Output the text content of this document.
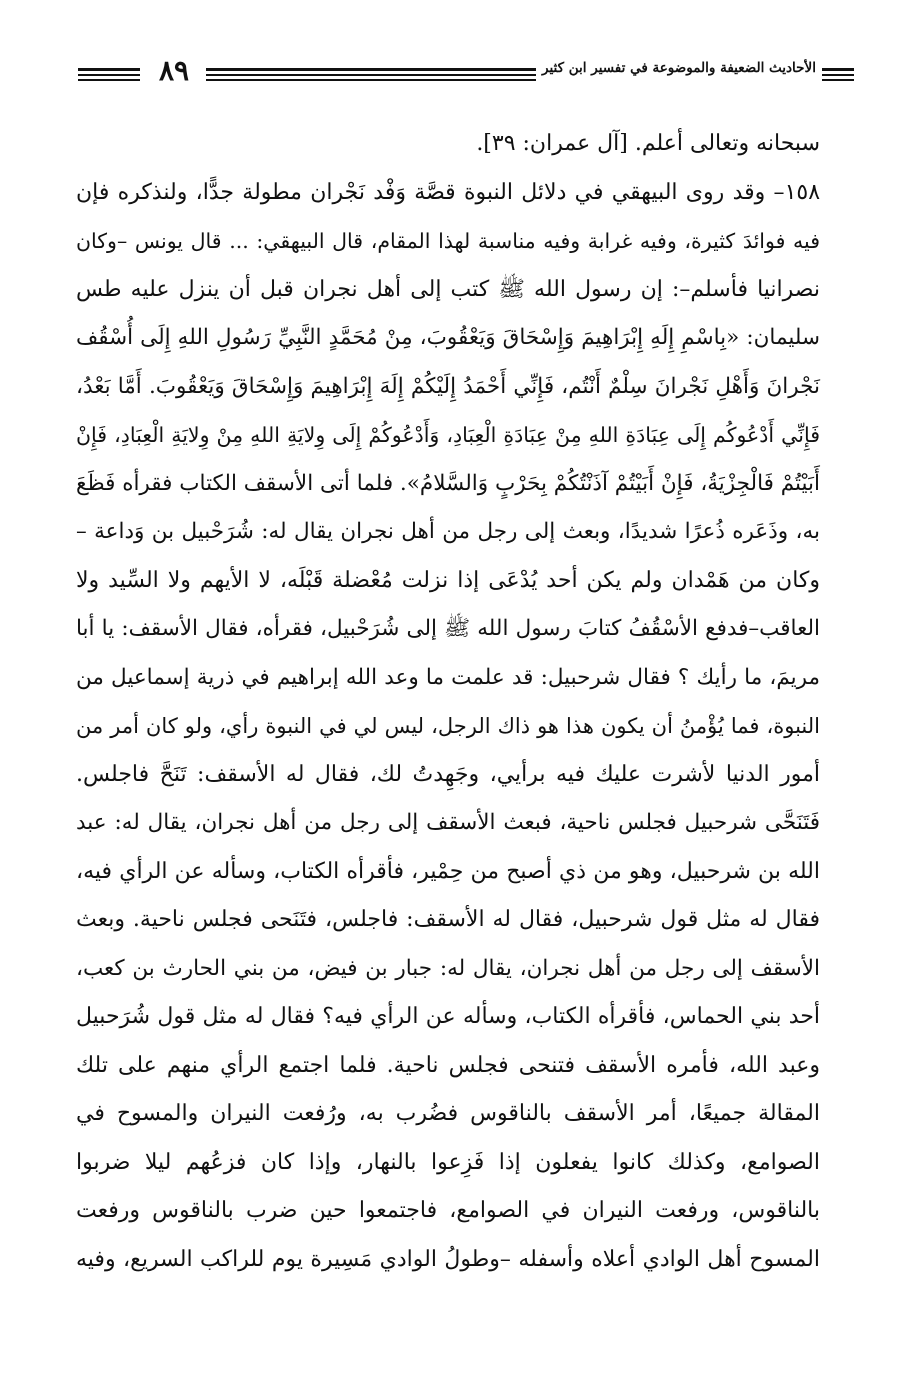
٨٩	الأحاديث الضعيفة والموضوعة في تفسير ابن كثير
سبحانه وتعالى أعلم. [آل عمران: ٣٩].
١٥٨– وقد روى البيهقي في دلائل النبوة قصَّة وَفْد نَجْران مطولة جدًّا، ولنذكره فإن
فيه فوائدَ كثيرة، وفيه غرابة وفيه مناسبة لهذا المقام، قال البيهقي: ... قال يونس –وكان
نصرانيا فأسلم–: إن رسول الله ﷺ كتب إلى أهل نجران قبل أن ينزل عليه طس
سليمان: «بِاسْمِ إِلَهِ إِبْرَاهِيمَ وَإِسْحَاقَ وَيَعْقُوبَ، مِنْ مُحَمَّدٍ النَّبِيِّ رَسُولِ اللهِ إِلَى أُسْقُف
نَجْرانَ وَأَهْلِ نَجْرانَ سِلْمٌ أَنْتُم، فَإِنِّي أَحْمَدُ إِلَيْكُمْ إِلَهَ إِبْرَاهِيمَ وَإِسْحَاقَ وَيَعْقُوبَ. أَمَّا بَعْدُ،
فَإِنِّي أَدْعُوكُم إِلَى عِبَادَةِ اللهِ مِنْ عِبَادَةِ الْعِبَادِ، وَأَدْعُوكُمْ إِلَى وِلايَةِ اللهِ مِنْ وِلايَةِ الْعِبَادِ، فَإِنْ
أَبَيْتُمْ فَالْجِزْيَةُ، فَإِنْ أَبَيْتُمْ آذَنْتُكُمْ بِحَرْبٍ وَالسَّلامُ». فلما أتى الأسقف الكتاب فقرأه فَظَعَ
به، وذَعَره ذُعرًا شديدًا، وبعث إلى رجل من أهل نجران يقال له: شُرَحْبيل بن وَداعة –
وكان من هَمْدان ولم يكن أحد يُدْعَى إذا نزلت مُعْضلة قَبْلَه، لا الأيهم ولا السِّيد ولا
العاقب–فدفع الأسْقُفُ كتابَ رسول الله ﷺ إلى شُرَحْبيل، فقرأه، فقال الأسقف: يا أبا
مريمَ، ما رأيك ؟ فقال شرحبيل: قد علمت ما وعد الله إبراهيم في ذرية إسماعيل من
النبوة، فما يُؤْمنُ أن يكون هذا هو ذاك الرجل، ليس لي في النبوة رأي، ولو كان أمر من
أمور الدنيا لأشرت عليك فيه برأيي، وجَهِدتُ لك، فقال له الأسقف: تَنَحَّ فاجلس.
فَتَنَحَّى شرحبيل فجلس ناحية، فبعث الأسقف إلى رجل من أهل نجران، يقال له: عبد
الله بن شرحبيل، وهو من ذي أصبح من حِمْير، فأقرأه الكتاب، وسأله عن الرأي فيه،
فقال له مثل قول شرحبيل، فقال له الأسقف: فاجلس، فتَنَحى فجلس ناحية. وبعث
الأسقف إلى رجل من أهل نجران، يقال له: جبار بن فيض، من بني الحارث بن كعب،
أحد بني الحماس، فأقرأه الكتاب، وسأله عن الرأي فيه؟ فقال له مثل قول شُرَحبيل
وعبد الله، فأمره الأسقف فتنحى فجلس ناحية. فلما اجتمع الرأي منهم على تلك
المقالة جميعًا، أمر الأسقف بالناقوس فضُرب به، ورُفعت النيران والمسوح في
الصوامع، وكذلك كانوا يفعلون إذا فَزِعوا بالنهار، وإذا كان فزعُهم ليلا ضربوا
بالناقوس، ورفعت النيران في الصوامع، فاجتمعوا حين ضرب بالناقوس ورفعت
المسوح أهل الوادي أعلاه وأسفله –وطولُ الوادي مَسِيرة يوم للراكب السريع، وفيه
